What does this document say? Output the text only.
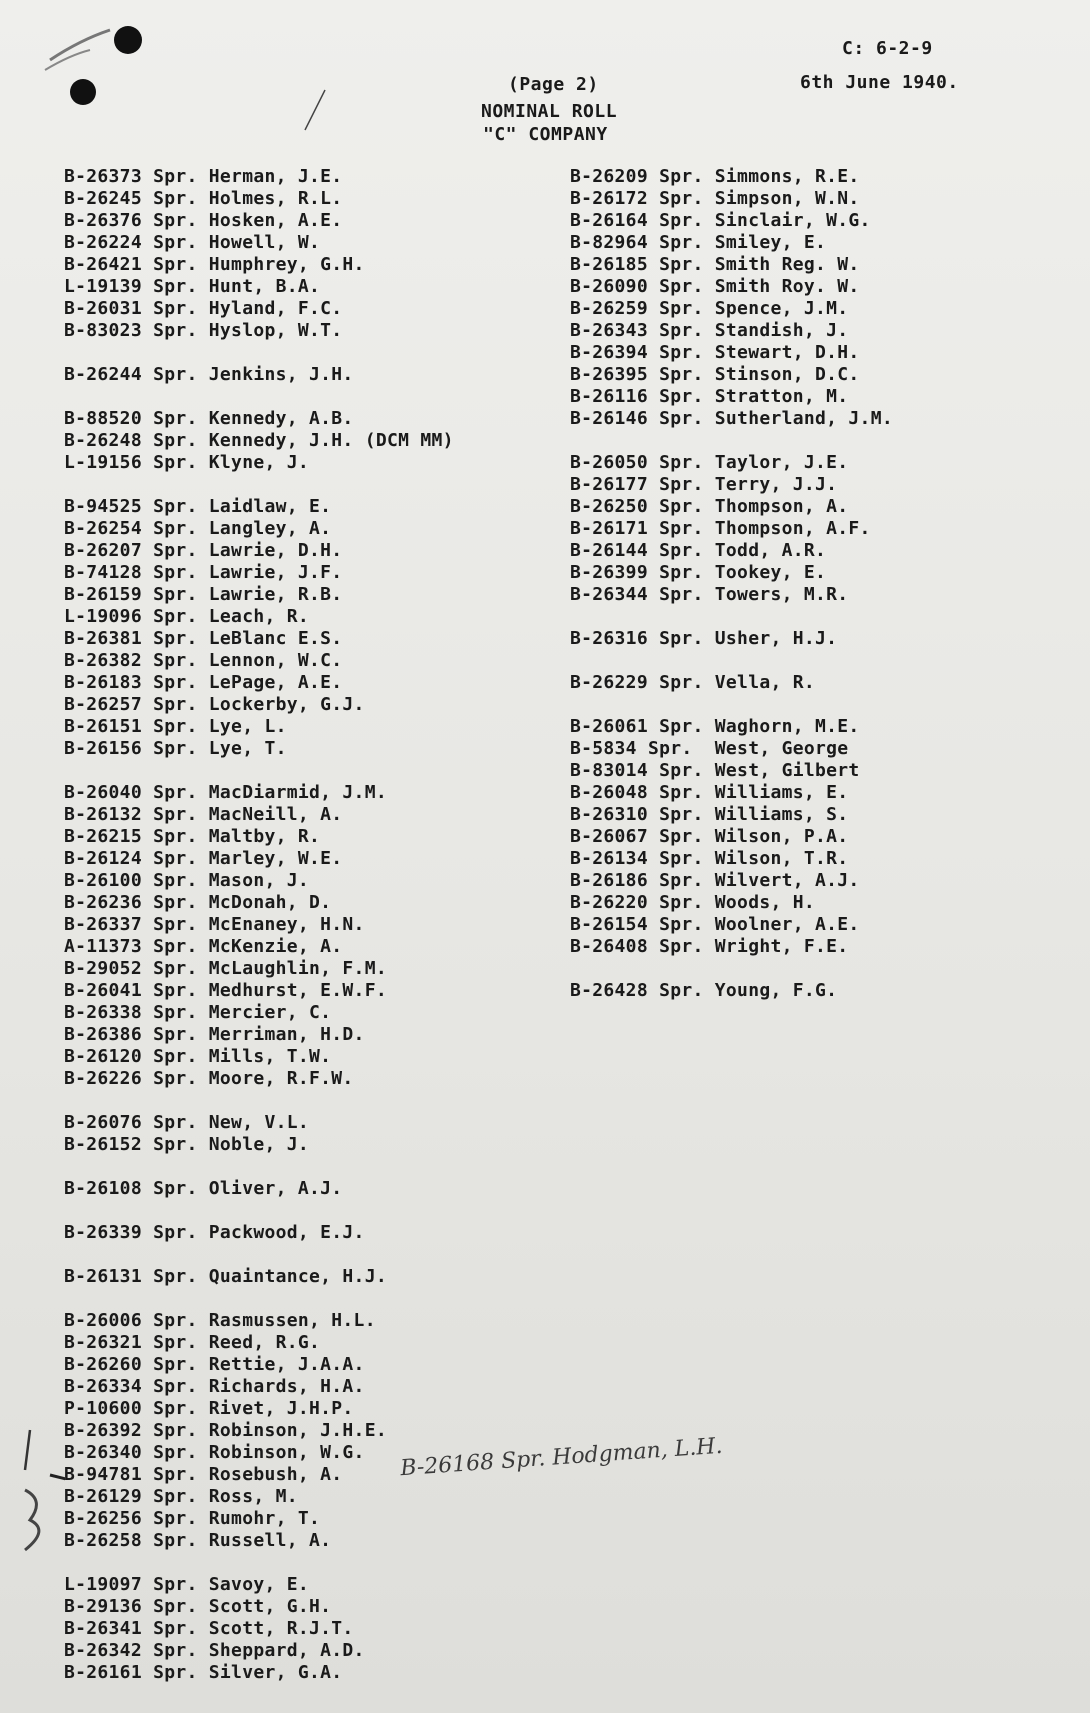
C: 6-2-9
(Page 2)	6th June 1940.
NOMINAL ROLL
"C" COMPANY
B-26373 Spr. Herman, J.E.
B-26245 Spr. Holmes, R.L.
B-26376 Spr. Hosken, A.E.
B-26224 Spr. Howell, W.
B-26421 Spr. Humphrey, G.H.
L-19139 Spr. Hunt, B.A.
B-26031 Spr. Hyland, F.C.
B-83023 Spr. Hyslop, W.T.
B-26244 Spr. Jenkins, J.H.
B-88520 Spr. Kennedy, A.B.
B-26248 Spr. Kennedy, J.H. (DCM MM)
L-19156 Spr. Klyne, J.
B-94525 Spr. Laidlaw, E.
B-26254 Spr. Langley, A.
B-26207 Spr. Lawrie, D.H.
B-74128 Spr. Lawrie, J.F.
B-26159 Spr. Lawrie, R.B.
L-19096 Spr. Leach, R.
B-26381 Spr. LeBlanc E.S.
B-26382 Spr. Lennon, W.C.
B-26183 Spr. LePage, A.E.
B-26257 Spr. Lockerby, G.J.
B-26151 Spr. Lye, L.
B-26156 Spr. Lye, T.
B-26040 Spr. MacDiarmid, J.M.
B-26132 Spr. MacNeill, A.
B-26215 Spr. Maltby, R.
B-26124 Spr. Marley, W.E.
B-26100 Spr. Mason, J.
B-26236 Spr. McDonah, D.
B-26337 Spr. McEnaney, H.N.
A-11373 Spr. McKenzie, A.
B-29052 Spr. McLaughlin, F.M.
B-26041 Spr. Medhurst, E.W.F.
B-26338 Spr. Mercier, C.
B-26386 Spr. Merriman, H.D.
B-26120 Spr. Mills, T.W.
B-26226 Spr. Moore, R.F.W.
B-26076 Spr. New, V.L.
B-26152 Spr. Noble, J.
B-26108 Spr. Oliver, A.J.
B-26339 Spr. Packwood, E.J.
B-26131 Spr. Quaintance, H.J.
B-26006 Spr. Rasmussen, H.L.
B-26321 Spr. Reed, R.G.
B-26260 Spr. Rettie, J.A.A.
B-26334 Spr. Richards, H.A.
P-10600 Spr. Rivet, J.H.P.
B-26392 Spr. Robinson, J.H.E.
B-26340 Spr. Robinson, W.G.
B-94781 Spr. Rosebush, A.
B-26129 Spr. Ross, M.
B-26256 Spr. Rumohr, T.
B-26258 Spr. Russell, A.
L-19097 Spr. Savoy, E.
B-29136 Spr. Scott, G.H.
B-26341 Spr. Scott, R.J.T.
B-26342 Spr. Sheppard, A.D.
B-26161 Spr. Silver, G.A.
B-26209 Spr. Simmons, R.E.
B-26172 Spr. Simpson, W.N.
B-26164 Spr. Sinclair, W.G.
B-82964 Spr. Smiley, E.
B-26185 Spr. Smith Reg. W.
B-26090 Spr. Smith Roy. W.
B-26259 Spr. Spence, J.M.
B-26343 Spr. Standish, J.
B-26394 Spr. Stewart, D.H.
B-26395 Spr. Stinson, D.C.
B-26116 Spr. Stratton, M.
B-26146 Spr. Sutherland, J.M.
B-26050 Spr. Taylor, J.E.
B-26177 Spr. Terry, J.J.
B-26250 Spr. Thompson, A.
B-26171 Spr. Thompson, A.F.
B-26144 Spr. Todd, A.R.
B-26399 Spr. Tookey, E.
B-26344 Spr. Towers, M.R.
B-26316 Spr. Usher, H.J.
B-26229 Spr. Vella, R.
B-26061 Spr. Waghorn, M.E.
B-5834 Spr.  West, George
B-83014 Spr. West, Gilbert
B-26048 Spr. Williams, E.
B-26310 Spr. Williams, S.
B-26067 Spr. Wilson, P.A.
B-26134 Spr. Wilson, T.R.
B-26186 Spr. Wilvert, A.J.
B-26220 Spr. Woods, H.
B-26154 Spr. Woolner, A.E.
B-26408 Spr. Wright, F.E.
B-26428 Spr. Young, F.G.
B-26168 Spr. Hodgman, L.H.
